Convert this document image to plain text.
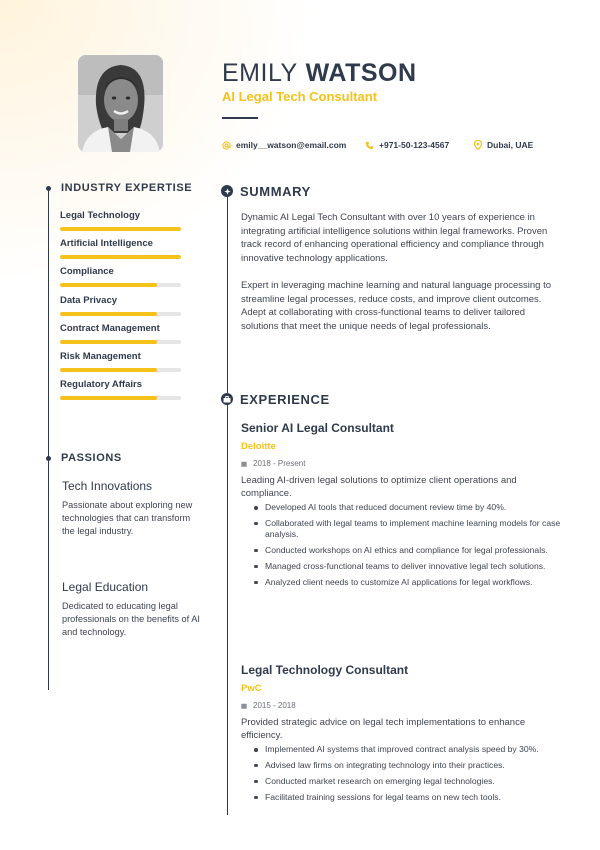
EMILY WATSON
AI Legal Tech Consultant
emily__watson@email.com	+971-50-123-4567	Dubai, UAE
INDUSTRY EXPERTISE
Legal Technology
Artificial Intelligence
Compliance
Data Privacy
Contract Management
Risk Management
Regulatory Affairs
PASSIONS
Tech Innovations
Passionate about exploring new technologies that can transform the legal industry.
Legal Education
Dedicated to educating legal professionals on the benefits of AI and technology.
SUMMARY
Dynamic AI Legal Tech Consultant with over 10 years of experience in integrating artificial intelligence solutions within legal frameworks. Proven track record of enhancing operational efficiency and compliance through innovative technology applications.
Expert in leveraging machine learning and natural language processing to streamline legal processes, reduce costs, and improve client outcomes. Adept at collaborating with cross-functional teams to deliver tailored solutions that meet the unique needs of legal professionals.
EXPERIENCE
Senior AI Legal Consultant
Deloitte
2018 - Present
Leading AI-driven legal solutions to optimize client operations and compliance.
Developed AI tools that reduced document review time by 40%.
Collaborated with legal teams to implement machine learning models for case analysis.
Conducted workshops on AI ethics and compliance for legal professionals.
Managed cross-functional teams to deliver innovative legal tech solutions.
Analyzed client needs to customize AI applications for legal workflows.
Legal Technology Consultant
PwC
2015 - 2018
Provided strategic advice on legal tech implementations to enhance efficiency.
Implemented AI systems that improved contract analysis speed by 30%.
Advised law firms on integrating technology into their practices.
Conducted market research on emerging legal technologies.
Facilitated training sessions for legal teams on new tech tools.
